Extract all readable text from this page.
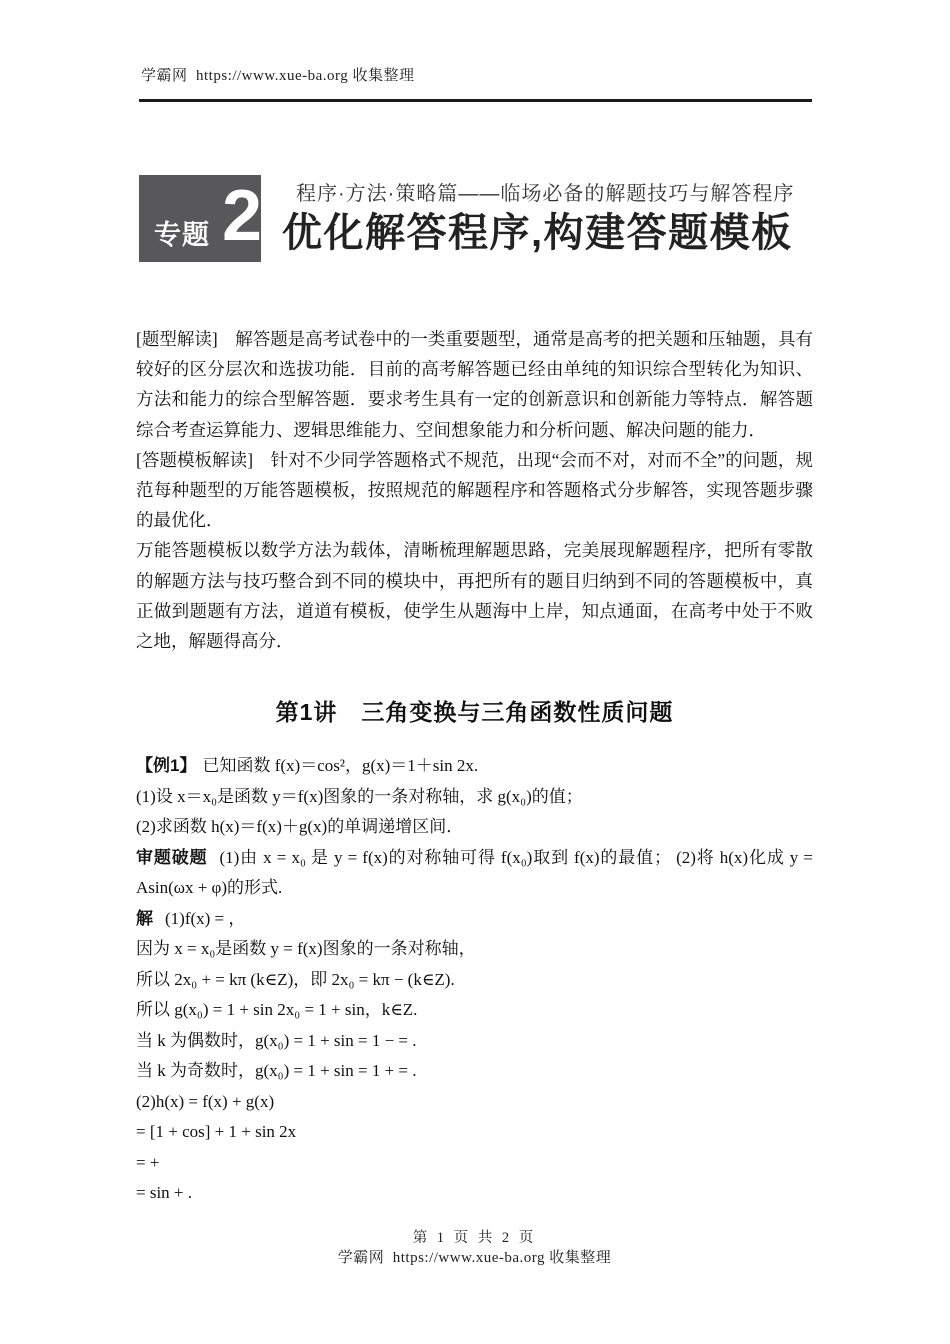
学霸网  https://www.xue-ba.org 收集整理
专题 2	程序·方法·策略篇——临场必备的解题技巧与解答程序
优化解答程序,构建答题模板

[题型解读]　解答题是高考试卷中的一类重要题型，通常是高考的把关题和压轴题，具有较好的区分层次和选拔功能．目前的高考解答题已经由单纯的知识综合型转化为知识、方法和能力的综合型解答题．要求考生具有一定的创新意识和创新能力等特点．解答题综合考查运算能力、逻辑思维能力、空间想象能力和分析问题、解决问题的能力．

[答题模板解读]　针对不少同学答题格式不规范，出现“会而不对，对而不全”的问题，规范每种题型的万能答题模板，按照规范的解题程序和答题格式分步解答，实现答题步骤的最优化．

万能答题模板以数学方法为载体，清晰梳理解题思路，完美展现解题程序，把所有零散的解题方法与技巧整合到不同的模块中，再把所有的题目归纳到不同的答题模板中，真正做到题题有方法，道道有模板，使学生从题海中上岸，知点通面，在高考中处于不败之地，解题得高分．

第1讲　三角变换与三角函数性质问题
【例1】 已知函数 f(x)＝cos²，g(x)＝1＋sin 2x.
(1)设 x＝x₀是函数 y＝f(x)图象的一条对称轴，求 g(x₀)的值；
(2)求函数 h(x)＝f(x)＋g(x)的单调递增区间．
审题破题 (1)由 x = x₀ 是 y = f(x)的对称轴可得 f(x₀)取到 f(x)的最值； (2)将 h(x)化成 y = Asin(ωx + φ)的形式.
解 (1)f(x) = ，
因为 x = x₀是函数 y = f(x)图象的一条对称轴，
所以 2x₀ + = kπ (k∈Z)，即 2x₀ = kπ − (k∈Z).
所以 g(x₀) = 1 + sin 2x₀ = 1 + sin，k∈Z.
当 k 为偶数时，g(x₀) = 1 + sin = 1 − = .
当 k 为奇数时，g(x₀) = 1 + sin = 1 + = .
(2)h(x) = f(x) + g(x)
= [1 + cos] + 1 + sin 2x
= +
= sin + .
第 1 页 共 2 页
学霸网  https://www.xue-ba.org 收集整理
